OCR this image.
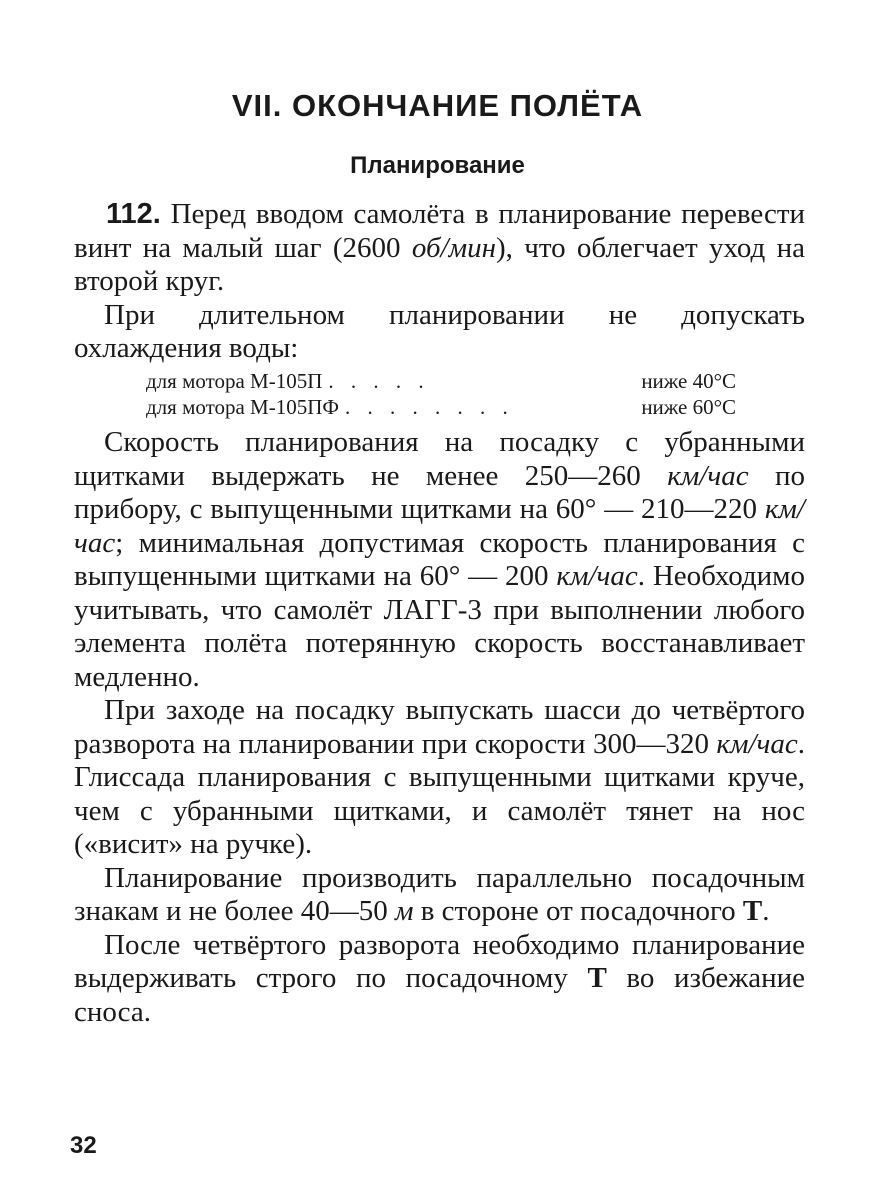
VII. ОКОНЧАНИЕ ПОЛЁТА
Планирование

112. Перед вводом самолёта в планирование перевести винт на малый шаг (2600 об/мин), что облегчает уход на второй круг.

При длительном планировании не допускать охлаждения воды:

для мотора М-105П . . . . .	ниже 40°С
для мотора М-105ПФ . . . . . . . .	ниже 60°С

Скорость планирования на посадку с убранными щитками выдержать не менее 250—260 км/час по прибору, с выпущенными щитками на 60° — 210—220 км/час; минимальная допустимая скорость планирования с выпущенными щитками на 60° — 200 км/час. Необходимо учитывать, что самолёт ЛАГГ-3 при выполнении любого элемента полёта потерянную скорость восстанавливает медленно.

При заходе на посадку выпускать шасси до четвёртого разворота на планировании при скорости 300—320 км/час. Глиссада планирования с выпущенными щитками круче, чем с убранными щитками, и самолёт тянет на нос («висит» на ручке).

Планирование производить параллельно посадочным знакам и не более 40—50 м в стороне от посадочного Т.

После четвёртого разворота необходимо планирование выдерживать строго по посадочному Т во избежание сноса.

32
